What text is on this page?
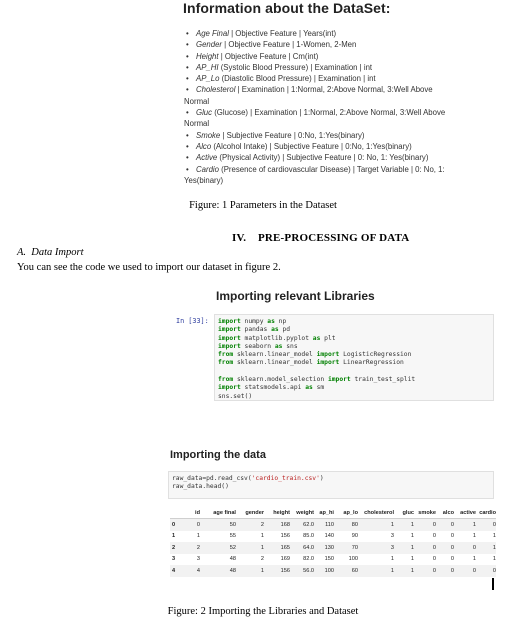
Information about the DataSet:
• Age Final | Objective Feature | Years(int)
• Gender | Objective Feature | 1-Women, 2-Men
• Height | Objective Feature | Cm(int)
• AP_HI (Systolic Blood Pressure) | Examination | int
• AP_Lo (Diastolic Blood Pressure) | Examination | int
• Cholesterol | Examination | 1:Normal, 2:Above Normal, 3:Well Above
Normal
• Gluc (Glucose) | Examination | 1:Normal, 2:Above Normal, 3:Well Above
Normal
• Smoke | Subjective Feature | 0:No, 1:Yes(binary)
• Alco (Alcohol Intake) | Subjective Feature | 0:No, 1:Yes(binary)
• Active (Physical Activity) | Subjective Feature | 0: No, 1: Yes(binary)
• Cardio (Presence of cardiovascular Disease) | Target Variable | 0: No, 1:
Yes(binary)
Figure: 1 Parameters in the Dataset
IV.    PRE-PROCESSING OF DATA
A.  Data Import
You can see the code we used to import our dataset in figure 2.
Importing relevant Libraries
In [33]: import numpy as np
import pandas as pd
import matplotlib.pyplot as plt
import seaborn as sns
from sklearn.linear_model import LogisticRegression
from sklearn.linear_model import LinearRegression

from sklearn.model_selection import train_test_split
import statsmodels.api as sm
sns.set()
Importing the data
raw_data=pd.read_csv('cardio_train.csv')
raw_data.head()
	id	age final	gender	height	weight	ap_hi	ap_lo	cholesterol	gluc	smoke	alco	active	cardio
0	0	50	2	168	62.0	110	80	1	1	0	0	1	0
1	1	55	1	156	85.0	140	90	3	1	0	0	1	1
2	2	52	1	165	64.0	130	70	3	1	0	0	0	1
3	3	48	2	169	82.0	150	100	1	1	0	0	1	1
4	4	48	1	156	56.0	100	60	1	1	0	0	0	0
Figure: 2 Importing the Libraries and Dataset
